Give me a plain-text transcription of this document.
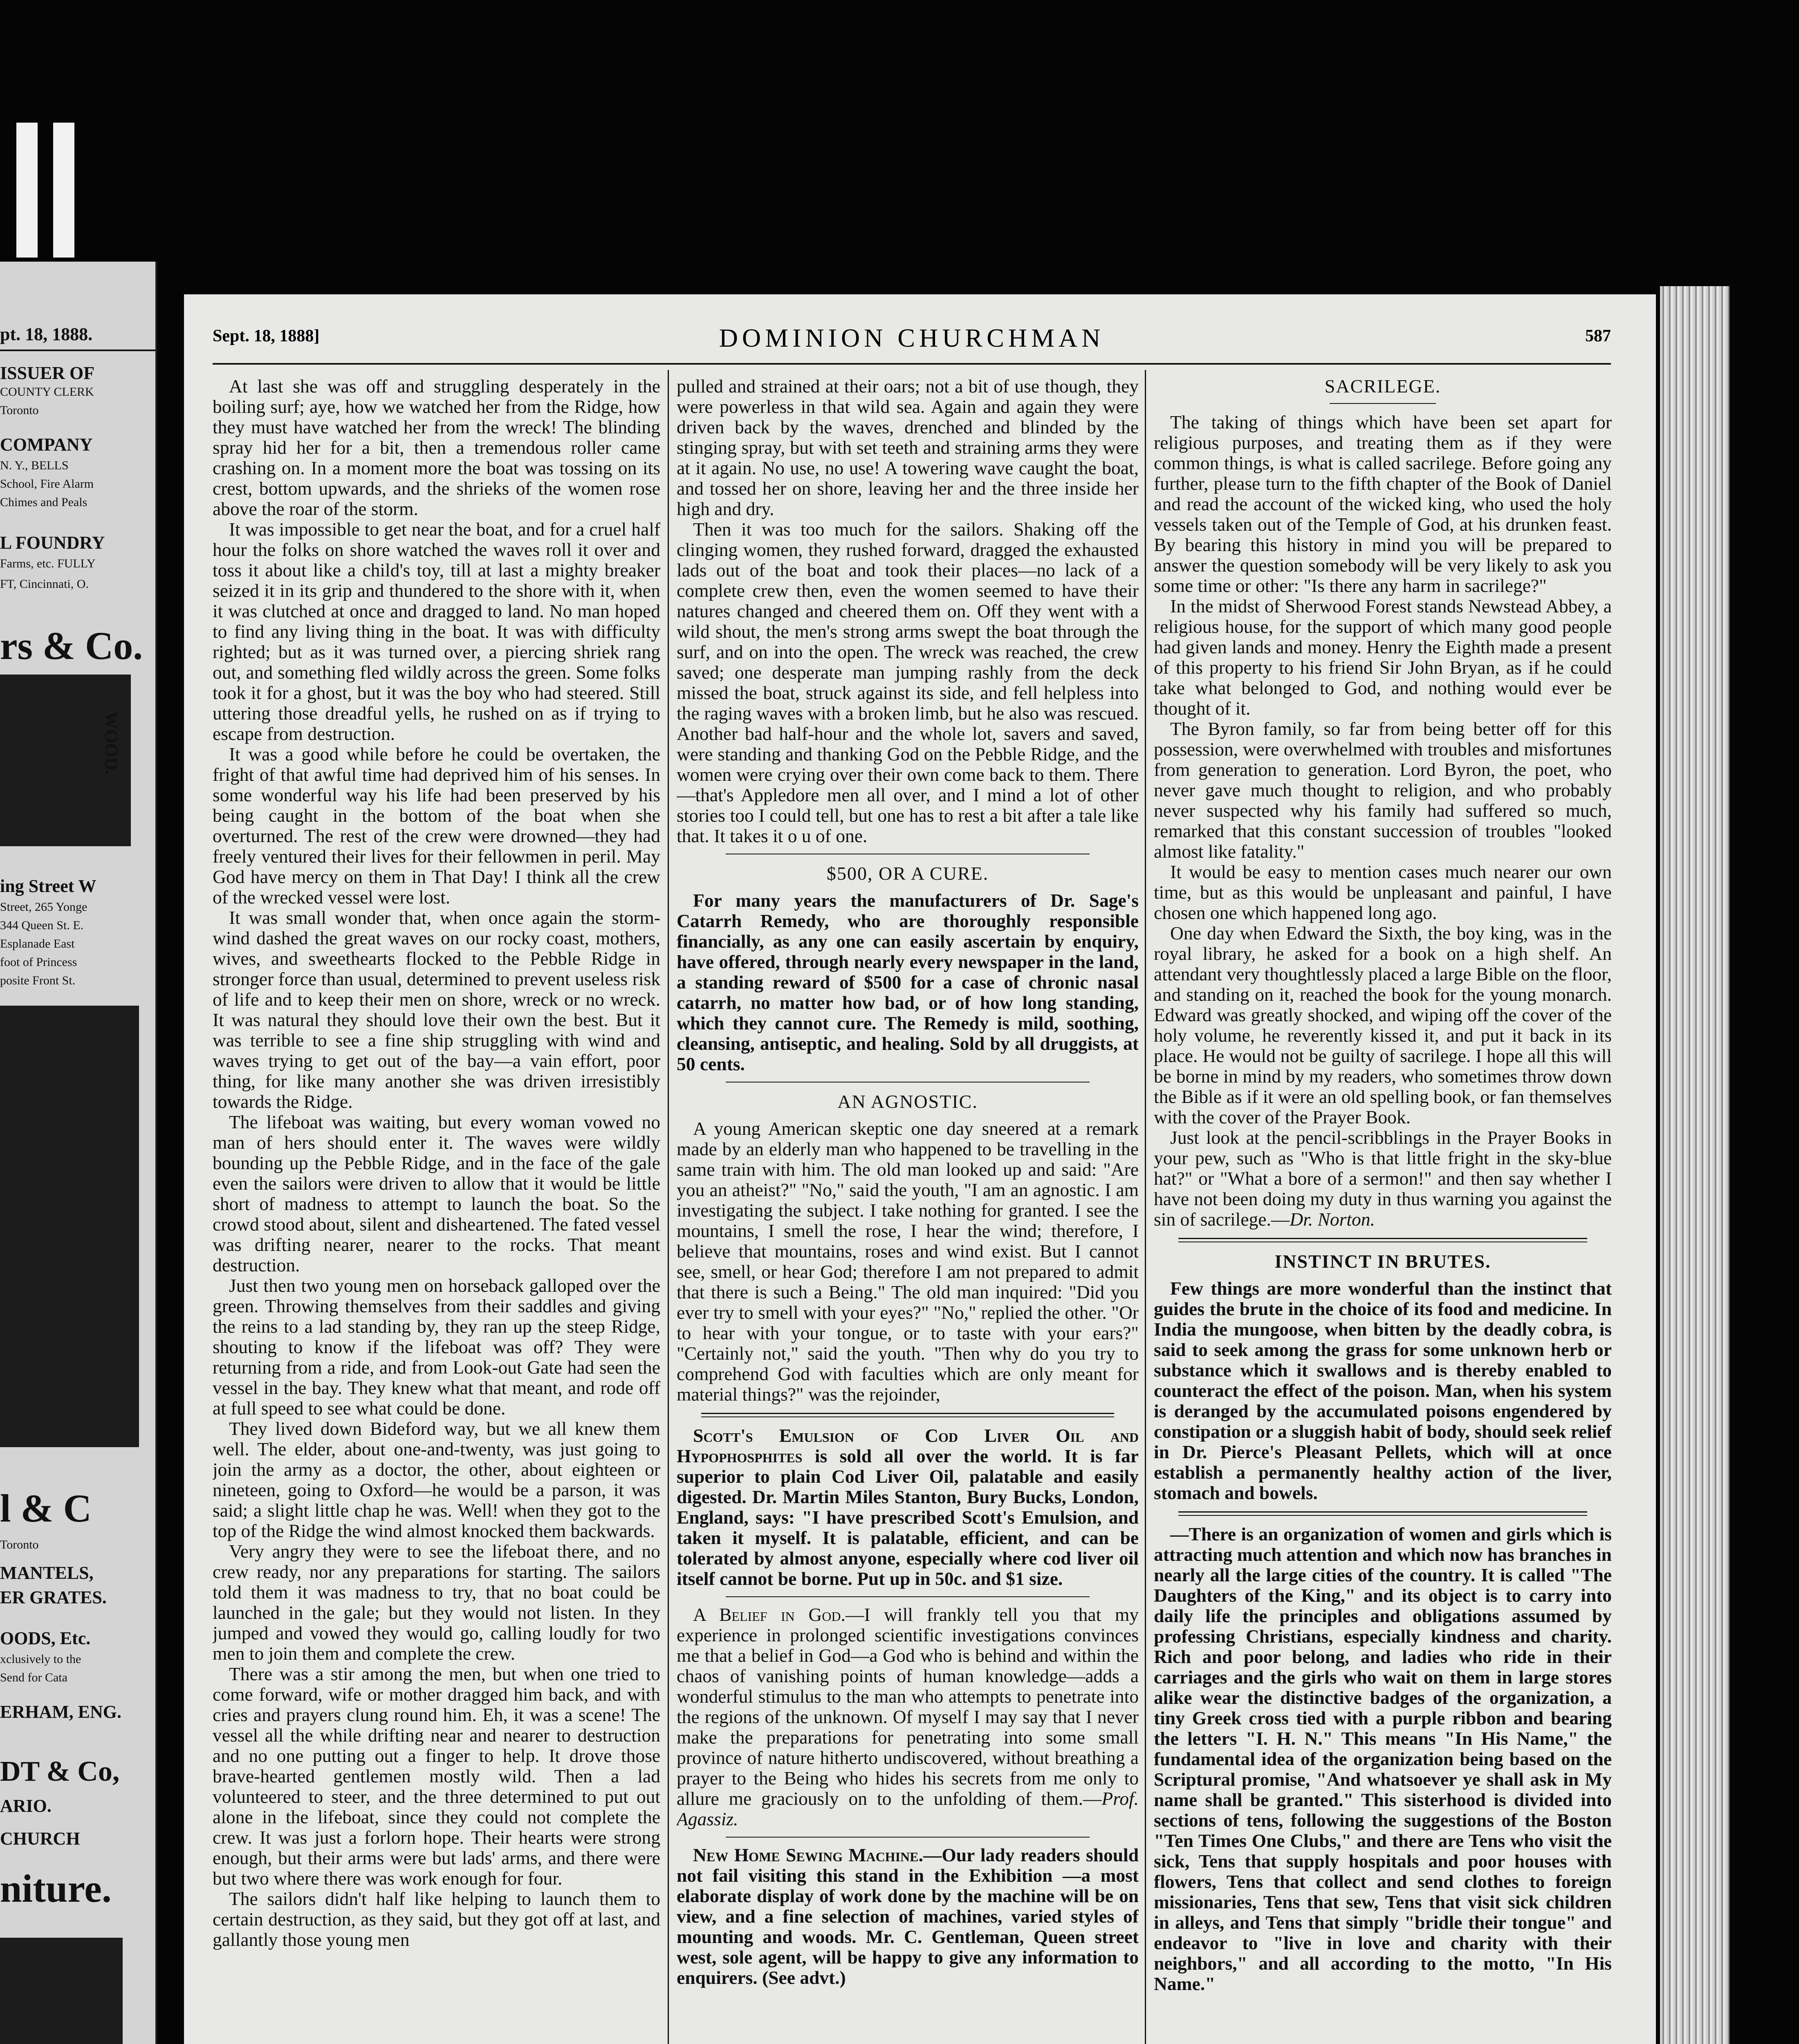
pt. 18, 1888.
ISSUER OF
COUNTY CLERK
Toronto
COMPANY
N. Y., BELLS
School, Fire Alarm
Chimes and Peals
L FOUNDRY
Farms, etc. FULLY
FT, Cincinnati, O.
rs & Co.
WOOD.
ing Street W
Street, 265 Yonge
344 Queen St. E.
Esplanade East
foot of Princess
posite Front St.
l & C
Toronto
MANTELS,
ER GRATES.
OODS, Etc.
xclusively to the
Send for Cata
ERHAM, ENG.
DT & Co,
ARIO.
CHURCH
niture.
Sept. 18, 1888]	DOMINION CHURCHMAN	587

At last she was off and struggling desperately in the boiling surf; aye, how we watched her from the Ridge, how they must have watched her from the wreck! The blinding spray hid her for a bit, then a tremendous roller came crashing on. In a moment more the boat was tossing on its crest, bottom upwards, and the shrieks of the women rose above the roar of the storm.

It was impossible to get near the boat, and for a cruel half hour the folks on shore watched the waves roll it over and toss it about like a child's toy, till at last a mighty breaker seized it in its grip and thundered to the shore with it, when it was clutched at once and dragged to land. No man hoped to find any living thing in the boat. It was with difficulty righted; but as it was turned over, a piercing shriek rang out, and something fled wildly across the green. Some folks took it for a ghost, but it was the boy who had steered. Still uttering those dreadful yells, he rushed on as if trying to escape from destruction.

It was a good while before he could be overtaken, the fright of that awful time had deprived him of his senses. In some wonderful way his life had been preserved by his being caught in the bottom of the boat when she overturned. The rest of the crew were drowned—they had freely ventured their lives for their fellowmen in peril. May God have mercy on them in That Day! I think all the crew of the wrecked vessel were lost.

It was small wonder that, when once again the storm-wind dashed the great waves on our rocky coast, mothers, wives, and sweethearts flocked to the Pebble Ridge in stronger force than usual, determined to prevent useless risk of life and to keep their men on shore, wreck or no wreck. It was natural they should love their own the best. But it was terrible to see a fine ship struggling with wind and waves trying to get out of the bay—a vain effort, poor thing, for like many another she was driven irresistibly towards the Ridge.

The lifeboat was waiting, but every woman vowed no man of hers should enter it. The waves were wildly bounding up the Pebble Ridge, and in the face of the gale even the sailors were driven to allow that it would be little short of madness to attempt to launch the boat. So the crowd stood about, silent and disheartened. The fated vessel was drifting nearer, nearer to the rocks. That meant destruction.

Just then two young men on horseback galloped over the green. Throwing themselves from their saddles and giving the reins to a lad standing by, they ran up the steep Ridge, shouting to know if the lifeboat was off? They were returning from a ride, and from Look-out Gate had seen the vessel in the bay. They knew what that meant, and rode off at full speed to see what could be done.

They lived down Bideford way, but we all knew them well. The elder, about one-and-twenty, was just going to join the army as a doctor, the other, about eighteen or nineteen, going to Oxford—he would be a parson, it was said; a slight little chap he was. Well! when they got to the top of the Ridge the wind almost knocked them backwards.

Very angry they were to see the lifeboat there, and no crew ready, nor any preparations for starting. The sailors told them it was madness to try, that no boat could be launched in the gale; but they would not listen. In they jumped and vowed they would go, calling loudly for two men to join them and complete the crew.

There was a stir among the men, but when one tried to come forward, wife or mother dragged him back, and with cries and prayers clung round him. Eh, it was a scene! The vessel all the while drifting near and nearer to destruction and no one putting out a finger to help. It drove those brave-hearted gentlemen mostly wild. Then a lad volunteered to steer, and the three determined to put out alone in the lifeboat, since they could not complete the crew. It was just a forlorn hope. Their hearts were strong enough, but their arms were but lads' arms, and there were but two where there was work enough for four.

The sailors didn't half like helping to launch them to certain destruction, as they said, but they got off at last, and gallantly those young men

pulled and strained at their oars; not a bit of use though, they were powerless in that wild sea. Again and again they were driven back by the waves, drenched and blinded by the stinging spray, but with set teeth and straining arms they were at it again. No use, no use! A towering wave caught the boat, and tossed her on shore, leaving her and the three inside her high and dry.

Then it was too much for the sailors. Shaking off the clinging women, they rushed forward, dragged the exhausted lads out of the boat and took their places—no lack of a complete crew then, even the women seemed to have their natures changed and cheered them on. Off they went with a wild shout, the men's strong arms swept the boat through the surf, and on into the open. The wreck was reached, the crew saved; one desperate man jumping rashly from the deck missed the boat, struck against its side, and fell helpless into the raging waves with a broken limb, but he also was rescued. Another bad half-hour and the whole lot, savers and saved, were standing and thanking God on the Pebble Ridge, and the women were crying over their own come back to them. There—that's Appledore men all over, and I mind a lot of other stories too I could tell, but one has to rest a bit after a tale like that. It takes it o u of one.

$500, OR A CURE.

For many years the manufacturers of Dr. Sage's Catarrh Remedy, who are thoroughly responsible financially, as any one can easily ascertain by enquiry, have offered, through nearly every newspaper in the land, a standing reward of $500 for a case of chronic nasal catarrh, no matter how bad, or of how long standing, which they cannot cure. The Remedy is mild, soothing, cleansing, antiseptic, and healing. Sold by all druggists, at 50 cents.

AN AGNOSTIC.

A young American skeptic one day sneered at a remark made by an elderly man who happened to be travelling in the same train with him. The old man looked up and said: "Are you an atheist?" "No," said the youth, "I am an agnostic. I am investigating the subject. I take nothing for granted. I see the mountains, I smell the rose, I hear the wind; therefore, I believe that mountains, roses and wind exist. But I cannot see, smell, or hear God; therefore I am not prepared to admit that there is such a Being." The old man inquired: "Did you ever try to smell with your eyes?" "No," replied the other. "Or to hear with your tongue, or to taste with your ears?" "Certainly not," said the youth. "Then why do you try to comprehend God with faculties which are only meant for material things?" was the rejoinder,

Scott's Emulsion of Cod Liver Oil and Hypophosphites is sold all over the world. It is far superior to plain Cod Liver Oil, palatable and easily digested. Dr. Martin Miles Stanton, Bury Bucks, London, England, says: "I have prescribed Scott's Emulsion, and taken it myself. It is palatable, efficient, and can be tolerated by almost anyone, especially where cod liver oil itself cannot be borne. Put up in 50c. and $1 size.

A Belief in God.—I will frankly tell you that my experience in prolonged scientific investigations convinces me that a belief in God—a God who is behind and within the chaos of vanishing points of human knowledge—adds a wonderful stimulus to the man who attempts to penetrate into the regions of the unknown. Of myself I may say that I never make the preparations for penetrating into some small province of nature hitherto undiscovered, without breathing a prayer to the Being who hides his secrets from me only to allure me graciously on to the unfolding of them.—Prof. Agassiz.

New Home Sewing Machine.—Our lady readers should not fail visiting this stand in the Exhibition —a most elaborate display of work done by the machine will be on view, and a fine selection of machines, varied styles of mounting and woods. Mr. C. Gentleman, Queen street west, sole agent, will be happy to give any information to enquirers. (See advt.)

SACRILEGE.

The taking of things which have been set apart for religious purposes, and treating them as if they were common things, is what is called sacrilege. Before going any further, please turn to the fifth chapter of the Book of Daniel and read the account of the wicked king, who used the holy vessels taken out of the Temple of God, at his drunken feast. By bearing this history in mind you will be prepared to answer the question somebody will be very likely to ask you some time or other: "Is there any harm in sacrilege?"

In the midst of Sherwood Forest stands Newstead Abbey, a religious house, for the support of which many good people had given lands and money. Henry the Eighth made a present of this property to his friend Sir John Bryan, as if he could take what belonged to God, and nothing would ever be thought of it.

The Byron family, so far from being better off for this possession, were overwhelmed with troubles and misfortunes from generation to generation. Lord Byron, the poet, who never gave much thought to religion, and who probably never suspected why his family had suffered so much, remarked that this constant succession of troubles "looked almost like fatality."

It would be easy to mention cases much nearer our own time, but as this would be unpleasant and painful, I have chosen one which happened long ago.

One day when Edward the Sixth, the boy king, was in the royal library, he asked for a book on a high shelf. An attendant very thoughtlessly placed a large Bible on the floor, and standing on it, reached the book for the young monarch. Edward was greatly shocked, and wiping off the cover of the holy volume, he reverently kissed it, and put it back in its place. He would not be guilty of sacrilege. I hope all this will be borne in mind by my readers, who sometimes throw down the Bible as if it were an old spelling book, or fan themselves with the cover of the Prayer Book.

Just look at the pencil-scribblings in the Prayer Books in your pew, such as "Who is that little fright in the sky-blue hat?" or "What a bore of a sermon!" and then say whether I have not been doing my duty in thus warning you against the sin of sacrilege.—Dr. Norton.

INSTINCT IN BRUTES.

Few things are more wonderful than the instinct that guides the brute in the choice of its food and medicine. In India the mungoose, when bitten by the deadly cobra, is said to seek among the grass for some unknown herb or substance which it swallows and is thereby enabled to counteract the effect of the poison. Man, when his system is deranged by the accumulated poisons engendered by constipation or a sluggish habit of body, should seek relief in Dr. Pierce's Pleasant Pellets, which will at once establish a permanently healthy action of the liver, stomach and bowels.

—There is an organization of women and girls which is attracting much attention and which now has branches in nearly all the large cities of the country. It is called "The Daughters of the King," and its object is to carry into daily life the principles and obligations assumed by professing Christians, especially kindness and charity. Rich and poor belong, and ladies who ride in their carriages and the girls who wait on them in large stores alike wear the distinctive badges of the organization, a tiny Greek cross tied with a purple ribbon and bearing the letters "I. H. N." This means "In His Name," the fundamental idea of the organization being based on the Scriptural promise, "And whatsoever ye shall ask in My name shall be granted." This sisterhood is divided into sections of tens, following the suggestions of the Boston "Ten Times One Clubs," and there are Tens who visit the sick, Tens that supply hospitals and poor houses with flowers, Tens that collect and send clothes to foreign missionaries, Tens that sew, Tens that visit sick children in alleys, and Tens that simply "bridle their tongue" and endeavor to "live in love and charity with their neighbors," and all according to the motto, "In His Name."
